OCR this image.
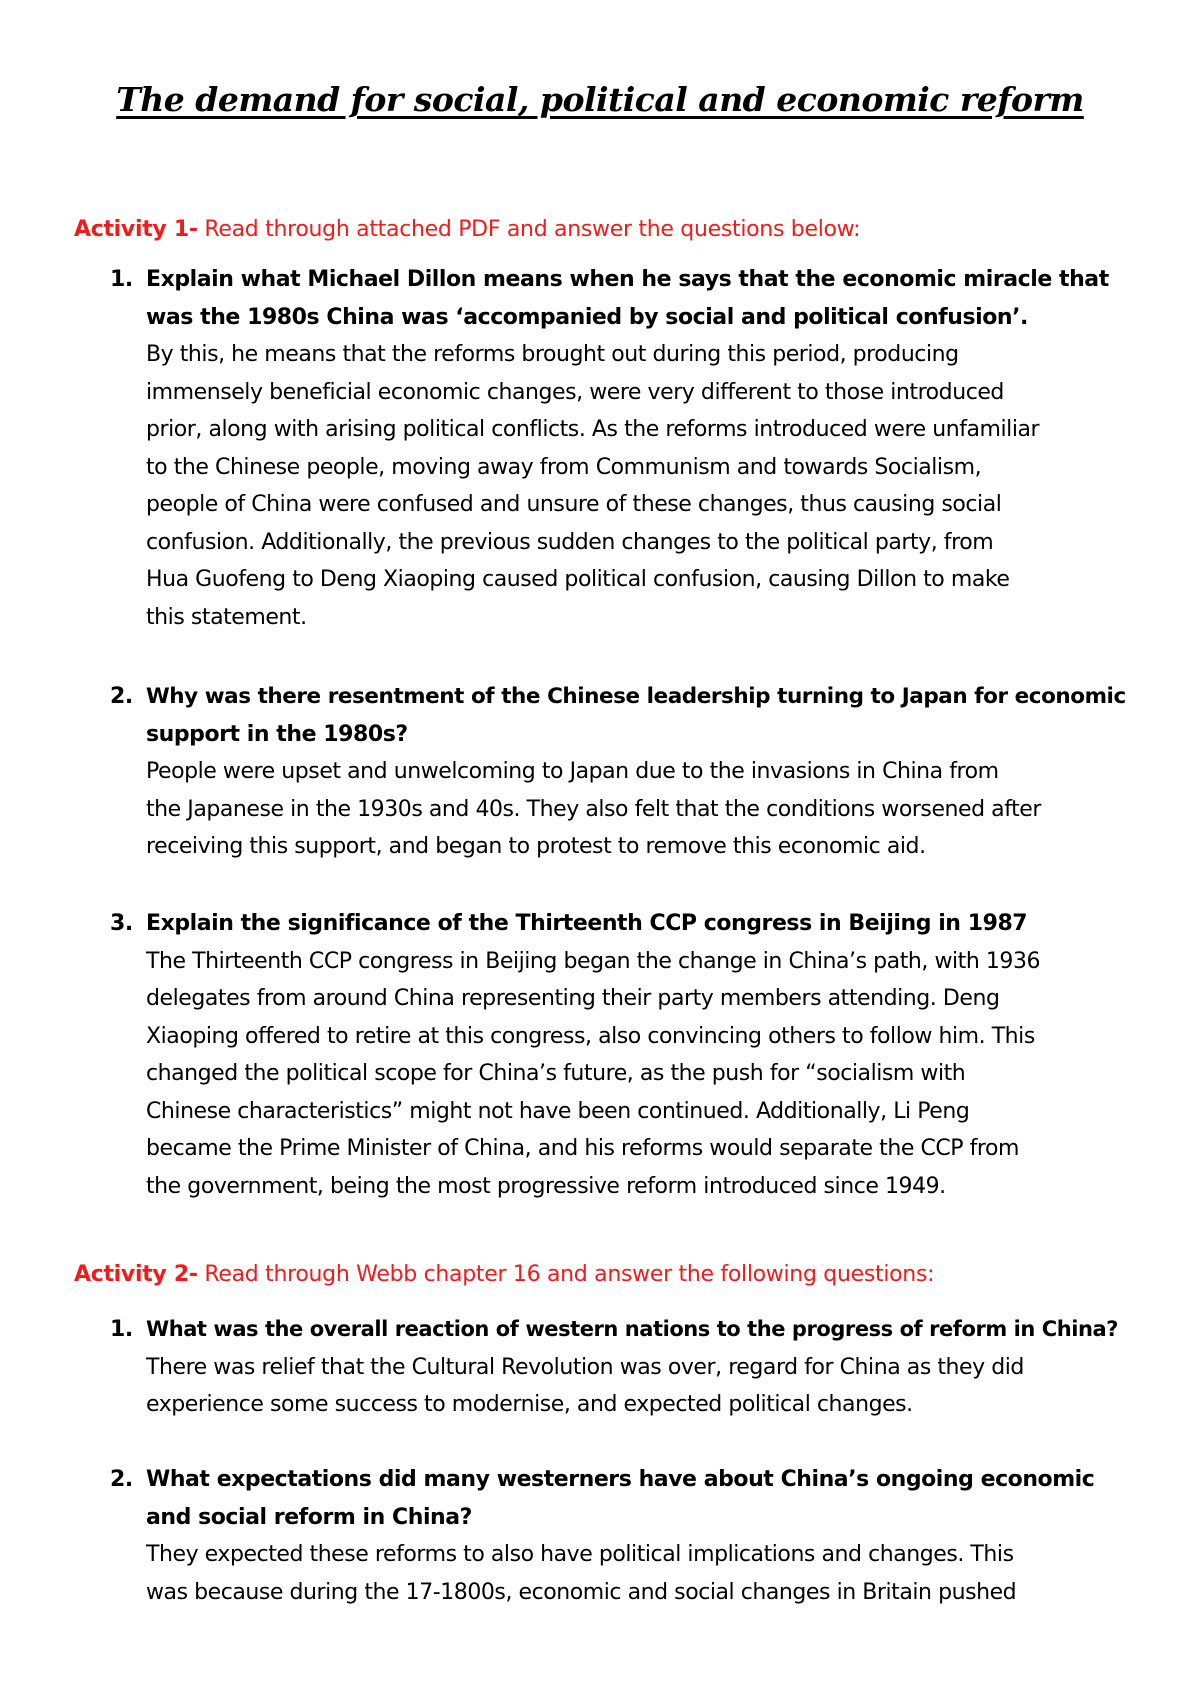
The demand for social, political and economic reform
Activity 1- Read through attached PDF and answer the questions below:
1. Explain what Michael Dillon means when he says that the economic miracle that
was the 1980s China was ‘accompanied by social and political confusion’.
By this, he means that the reforms brought out during this period, producing
immensely beneficial economic changes, were very different to those introduced
prior, along with arising political conflicts. As the reforms introduced were unfamiliar
to the Chinese people, moving away from Communism and towards Socialism,
people of China were confused and unsure of these changes, thus causing social
confusion. Additionally, the previous sudden changes to the political party, from
Hua Guofeng to Deng Xiaoping caused political confusion, causing Dillon to make
this statement.
2. Why was there resentment of the Chinese leadership turning to Japan for economic
support in the 1980s?
People were upset and unwelcoming to Japan due to the invasions in China from
the Japanese in the 1930s and 40s. They also felt that the conditions worsened after
receiving this support, and began to protest to remove this economic aid.
3. Explain the significance of the Thirteenth CCP congress in Beijing in 1987
The Thirteenth CCP congress in Beijing began the change in China’s path, with 1936
delegates from around China representing their party members attending. Deng
Xiaoping offered to retire at this congress, also convincing others to follow him. This
changed the political scope for China’s future, as the push for “socialism with
Chinese characteristics” might not have been continued. Additionally, Li Peng
became the Prime Minister of China, and his reforms would separate the CCP from
the government, being the most progressive reform introduced since 1949.
Activity 2- Read through Webb chapter 16 and answer the following questions:
1. What was the overall reaction of western nations to the progress of reform in China?
There was relief that the Cultural Revolution was over, regard for China as they did
experience some success to modernise, and expected political changes.
2. What expectations did many westerners have about China’s ongoing economic
and social reform in China?
They expected these reforms to also have political implications and changes. This
was because during the 17-1800s, economic and social changes in Britain pushed
